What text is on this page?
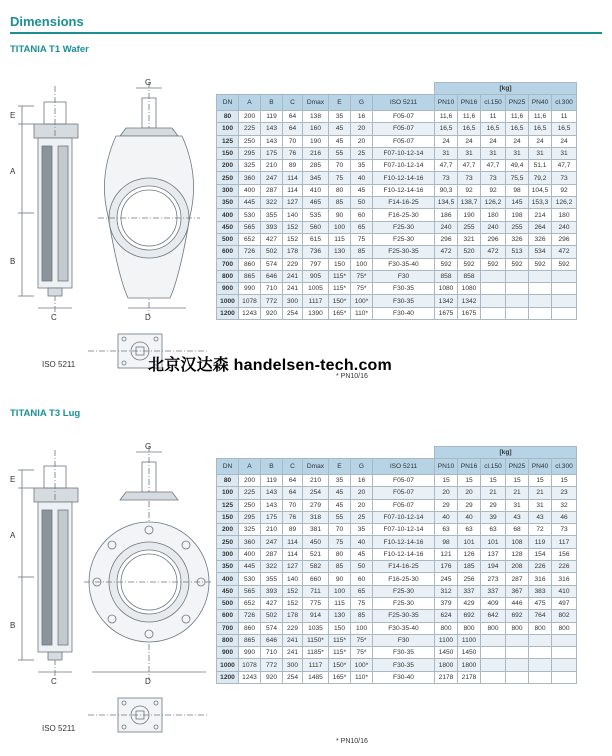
Dimensions
TITANIA T1 Wafer
G
E
A
B
C	D
ISO 5211
								[kg]					
DN	A	B	C	Dmax	E	G	ISO 5211	PN10	PN16	cl.150	PN25	PN40	cl.300
80	200	119	64	138	35	16	F05-07	11,6	11,6	11	11,6	11,6	11
100	225	143	64	160	45	20	F05-07	16,5	16,5	16,5	16,5	16,5	16,5
125	250	143	70	190	45	20	F05-07	24	24	24	24	24	24
150	295	175	76	216	55	25	F07-10-12-14	31	31	31	31	31	31
200	325	210	89	285	70	35	F07-10-12-14	47,7	47,7	47,7	49,4	51,1	47,7
250	360	247	114	345	75	40	F10-12-14-16	73	73	73	75,5	79,2	73
300	400	287	114	410	80	45	F10-12-14-16	90,3	92	92	98	104,5	92
350	445	322	127	465	85	50	F14-16-25	134,5	138,7	126,2	145	153,3	126,2
400	530	355	140	535	90	60	F16-25-30	186	190	180	198	214	180
450	565	393	152	560	100	65	F25-30	240	255	240	255	264	240
500	652	427	152	615	115	75	F25-30	296	321	296	326	326	296
600	726	502	178	736	130	85	F25-30-35	472	520	472	513	534	472
700	860	574	229	797	150	100	F30-35-40	592	592	592	592	592	592
800	865	646	241	905	115*	75*	F30	858	858				
900	990	710	241	1005	115*	75*	F30-35	1080	1080				
1000	1078	772	300	1117	150*	100*	F30-35	1342	1342				
1200	1243	920	254	1390	165*	110*	F30-40	1675	1675				
* PN10/16
北京汉达森 handelsen-tech.com
TITANIA T3 Lug
G
E
A
B
C	D
ISO 5211
								[kg]					
DN	A	B	C	Dmax	E	G	ISO 5211	PN10	PN16	cl.150	PN25	PN40	cl.300
80	200	119	64	210	35	16	F05-07	15	15	15	15	15	15
100	225	143	64	254	45	20	F05-07	20	20	21	21	21	23
125	250	143	70	279	45	20	F05-07	29	29	29	31	31	32
150	295	175	76	318	55	25	F07-10-12-14	40	40	39	43	43	46
200	325	210	89	381	70	35	F07-10-12-14	63	63	63	68	72	73
250	360	247	114	450	75	40	F10-12-14-16	98	101	101	108	119	117
300	400	287	114	521	80	45	F10-12-14-16	121	126	137	128	154	156
350	445	322	127	582	85	50	F14-16-25	176	185	194	208	226	226
400	530	355	140	660	90	60	F16-25-30	245	256	273	287	316	316
450	565	393	152	711	100	65	F25-30	312	337	337	367	383	410
500	652	427	152	775	115	75	F25-30	379	429	409	446	475	497
600	726	502	178	914	130	85	F25-30-35	624	692	642	692	764	802
700	860	574	229	1035	150	100	F30-35-40	800	800	800	800	800	800
800	865	646	241	1150*	115*	75*	F30	1100	1100				
900	990	710	241	1185*	115*	75*	F30-35	1450	1450				
1000	1078	772	300	1117	150*	100*	F30-35	1800	1800				
1200	1243	920	254	1485	165*	110*	F30-40	2178	2178				
* PN10/16
